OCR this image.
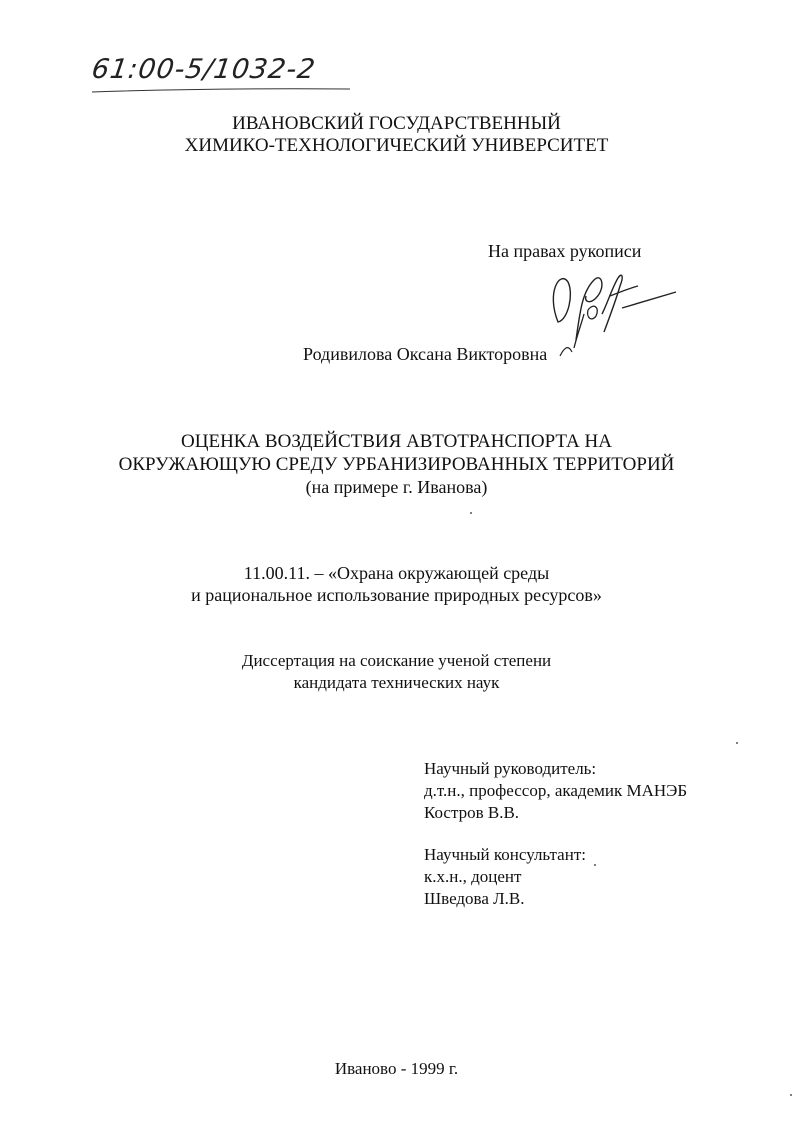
61:00-5/1032-2
ИВАНОВСКИЙ ГОСУДАРСТВЕННЫЙ
ХИМИКО-ТЕХНОЛОГИЧЕСКИЙ УНИВЕРСИТЕТ
На правах рукописи
Родивилова Оксана Викторовна
ОЦЕНКА ВОЗДЕЙСТВИЯ АВТОТРАНСПОРТА НА
ОКРУЖАЮЩУЮ СРЕДУ УРБАНИЗИРОВАННЫХ ТЕРРИТОРИЙ
(на примере г. Иванова)
11.00.11. – «Охрана окружающей среды
и рациональное использование природных ресурсов»
Диссертация на соискание ученой степени
кандидата технических наук
Научный руководитель:
д.т.н., профессор, академик МАНЭБ
Костров В.В.
Научный консультант:
к.х.н., доцент
Шведова Л.В.
Иваново - 1999 г.
